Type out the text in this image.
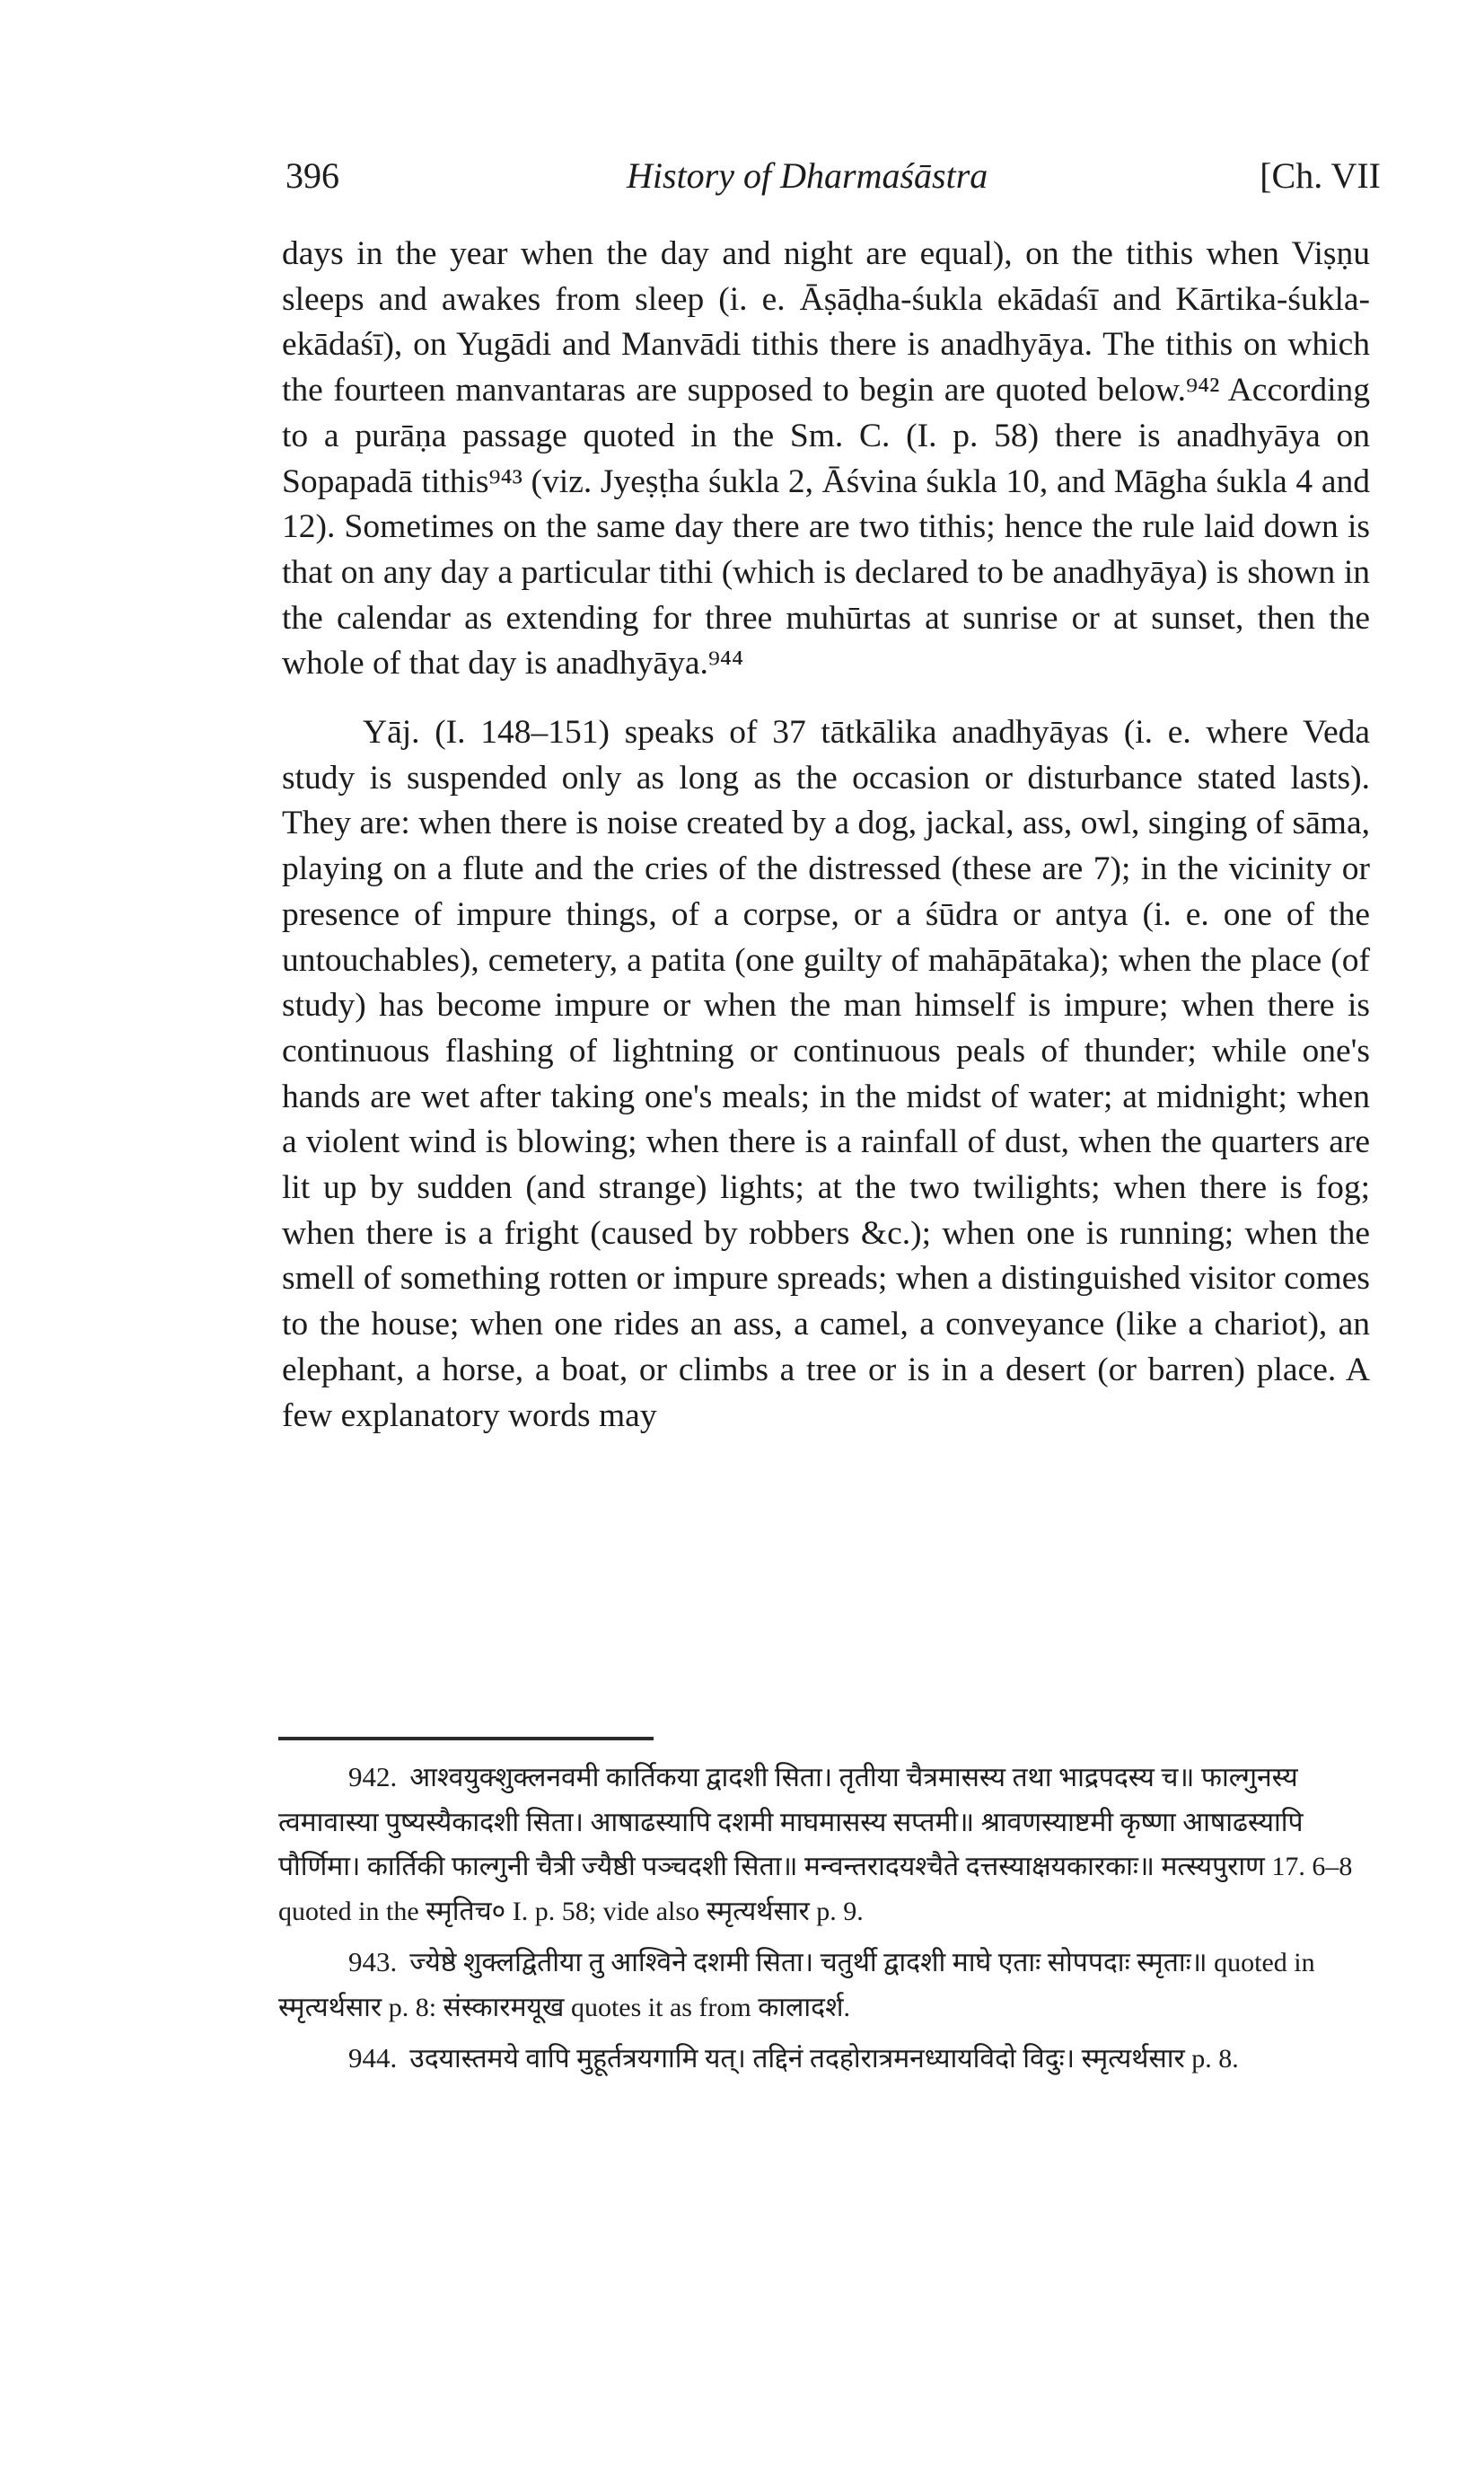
396	History of Dharmaśāstra	[Ch. VII

days in the year when the day and night are equal), on the tithis when Viṣṇu sleeps and awakes from sleep (i. e. Āṣāḍha-śukla ekādaśī and Kārtika-śukla-ekādaśī), on Yugādi and Manvādi tithis there is anadhyāya. The tithis on which the fourteen manvantaras are supposed to begin are quoted below.⁹⁴² According to a purāṇa passage quoted in the Sm. C. (I. p. 58) there is anadhyāya on Sopapadā tithis⁹⁴³ (viz. Jyeṣṭha śukla 2, Āśvina śukla 10, and Māgha śukla 4 and 12). Sometimes on the same day there are two tithis; hence the rule laid down is that on any day a particular tithi (which is declared to be anadhyāya) is shown in the calendar as extending for three muhūrtas at sunrise or at sunset, then the whole of that day is anadhyāya.⁹⁴⁴

Yāj. (I. 148–151) speaks of 37 tātkālika anadhyāyas (i. e. where Veda study is suspended only as long as the occasion or disturbance stated lasts). They are: when there is noise created by a dog, jackal, ass, owl, singing of sāma, playing on a flute and the cries of the distressed (these are 7); in the vicinity or presence of impure things, of a corpse, or a śūdra or antya (i. e. one of the untouchables), cemetery, a patita (one guilty of mahāpātaka); when the place (of study) has become impure or when the man himself is impure; when there is continuous flashing of lightning or continuous peals of thunder; while one's hands are wet after taking one's meals; in the midst of water; at midnight; when a violent wind is blowing; when there is a rainfall of dust, when the quarters are lit up by sudden (and strange) lights; at the two twilights; when there is fog; when there is a fright (caused by robbers &c.); when one is running; when the smell of something rotten or impure spreads; when a distinguished visitor comes to the house; when one rides an ass, a camel, a conveyance (like a chariot), an elephant, a horse, a boat, or climbs a tree or is in a desert (or barren) place. A few explanatory words may

942. आश्वयुक्शुक्लनवमी कार्तिकया द्वादशी सिता। तृतीया चैत्रमासस्य तथा भाद्रपदस्य च॥ फाल्गुनस्य त्वमावास्या पुष्यस्यैकादशी सिता। आषाढस्यापि दशमी माघमासस्य सप्तमी॥ श्रावणस्याष्टमी कृष्णा आषाढस्यापि पौर्णिमा। कार्तिकी फाल्गुनी चैत्री ज्यैष्ठी पञ्चदशी सिता॥ मन्वन्तरादयश्चैते दत्तस्याक्षयकारकाः॥ मत्स्यपुराण 17. 6–8 quoted in the स्मृतिच० I. p. 58; vide also स्मृत्यर्थसार p. 9.

943. ज्येष्ठे शुक्लद्वितीया तु आश्विने दशमी सिता। चतुर्थी द्वादशी माघे एताः सोपपदाः स्मृताः॥ quoted in स्मृत्यर्थसार p. 8: संस्कारमयूख quotes it as from कालादर्श.

944. उदयास्तमये वापि मुहूर्तत्रयगामि यत्। तद्दिनं तदहोरात्रमनध्यायविदो विदुः। स्मृत्यर्थसार p. 8.
